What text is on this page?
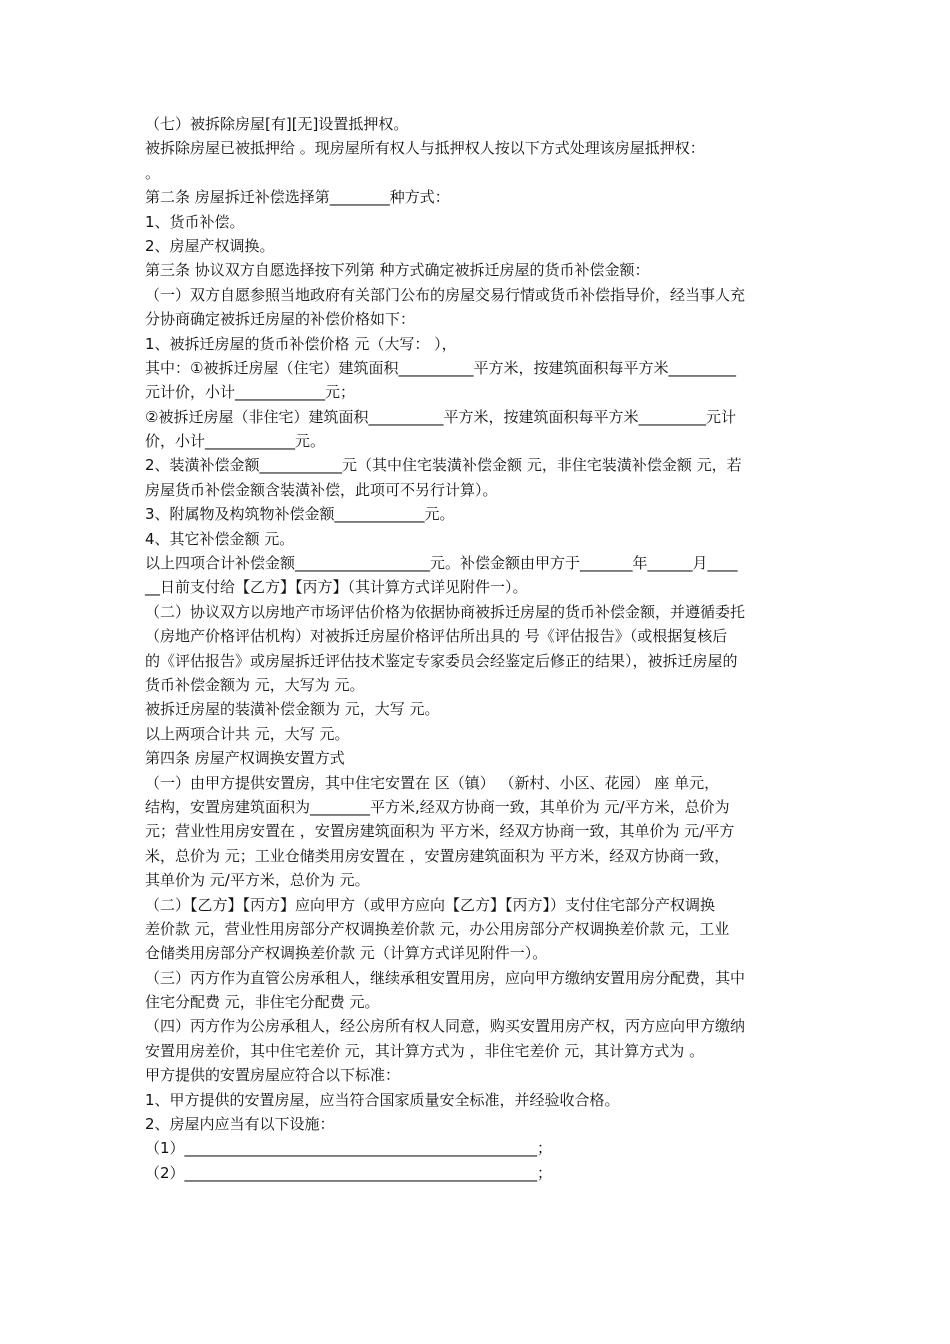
（七）被拆除房屋[有][无]设置抵押权。

被拆除房屋已被抵押给 。现房屋所有权人与抵押权人按以下方式处理该房屋抵押权：

。

第二条 房屋拆迁补偿选择第________种方式：

1、货币补偿。

2、房屋产权调换。

第三条 协议双方自愿选择按下列第 种方式确定被拆迁房屋的货币补偿金额：

（一）双方自愿参照当地政府有关部门公布的房屋交易行情或货币补偿指导价，经当事人充

分协商确定被拆迁房屋的补偿价格如下：

1、被拆迁房屋的货币补偿价格 元（大写： ），

其中：①被拆迁房屋（住宅）建筑面积__________平方米，按建筑面积每平方米_________

元计价，小计____________元；

②被拆迁房屋（非住宅）建筑面积__________平方米，按建筑面积每平方米_________元计

价，小计____________元。

2、装潢补偿金额___________元（其中住宅装潢补偿金额 元，非住宅装潢补偿金额 元，若

房屋货币补偿金额含装潢补偿，此项可不另行计算）。

3、附属物及构筑物补偿金额____________元。

4、其它补偿金额 元。

以上四项合计补偿金额__________________元。补偿金额由甲方于_______年______月____

__日前支付给【乙方】【丙方】（其计算方式详见附件一）。

（二）协议双方以房地产市场评估价格为依据协商被拆迁房屋的货币补偿金额，并遵循委托

（房地产价格评估机构）对被拆迁房屋价格评估所出具的 号《评估报告》（或根据复核后

的《评估报告》或房屋拆迁评估技术鉴定专家委员会经鉴定后修正的结果），被拆迁房屋的

货币补偿金额为 元，大写为 元。

被拆迁房屋的装潢补偿金额为 元，大写 元。

以上两项合计共 元，大写 元。

第四条 房屋产权调换安置方式

（一）由甲方提供安置房，其中住宅安置在 区（镇） （新村、小区、花园） 座 单元，

结构，安置房建筑面积为________平方米,经双方协商一致，其单价为 元/平方米，总价为

元；营业性用房安置在 ，安置房建筑面积为 平方米，经双方协商一致，其单价为 元/平方

米，总价为 元；工业仓储类用房安置在 ，安置房建筑面积为 平方米，经双方协商一致，

其单价为 元/平方米，总价为 元。

（二）【乙方】【丙方】应向甲方（或甲方应向【乙方】【丙方】）支付住宅部分产权调换

差价款 元，营业性用房部分产权调换差价款 元，办公用房部分产权调换差价款 元，工业

仓储类用房部分产权调换差价款 元（计算方式详见附件一）。

（三）丙方作为直管公房承租人，继续承租安置用房，应向甲方缴纳安置用房分配费，其中

住宅分配费 元，非住宅分配费 元。

（四）丙方作为公房承租人，经公房所有权人同意，购买安置用房产权，丙方应向甲方缴纳

安置用房差价，其中住宅差价 元，其计算方式为 ，非住宅差价 元，其计算方式为 。

甲方提供的安置房屋应符合以下标准：

1、甲方提供的安置房屋，应当符合国家质量安全标准，并经验收合格。

2、房屋内应当有以下设施：

（1）_______________________________________________；

（2）_______________________________________________；
